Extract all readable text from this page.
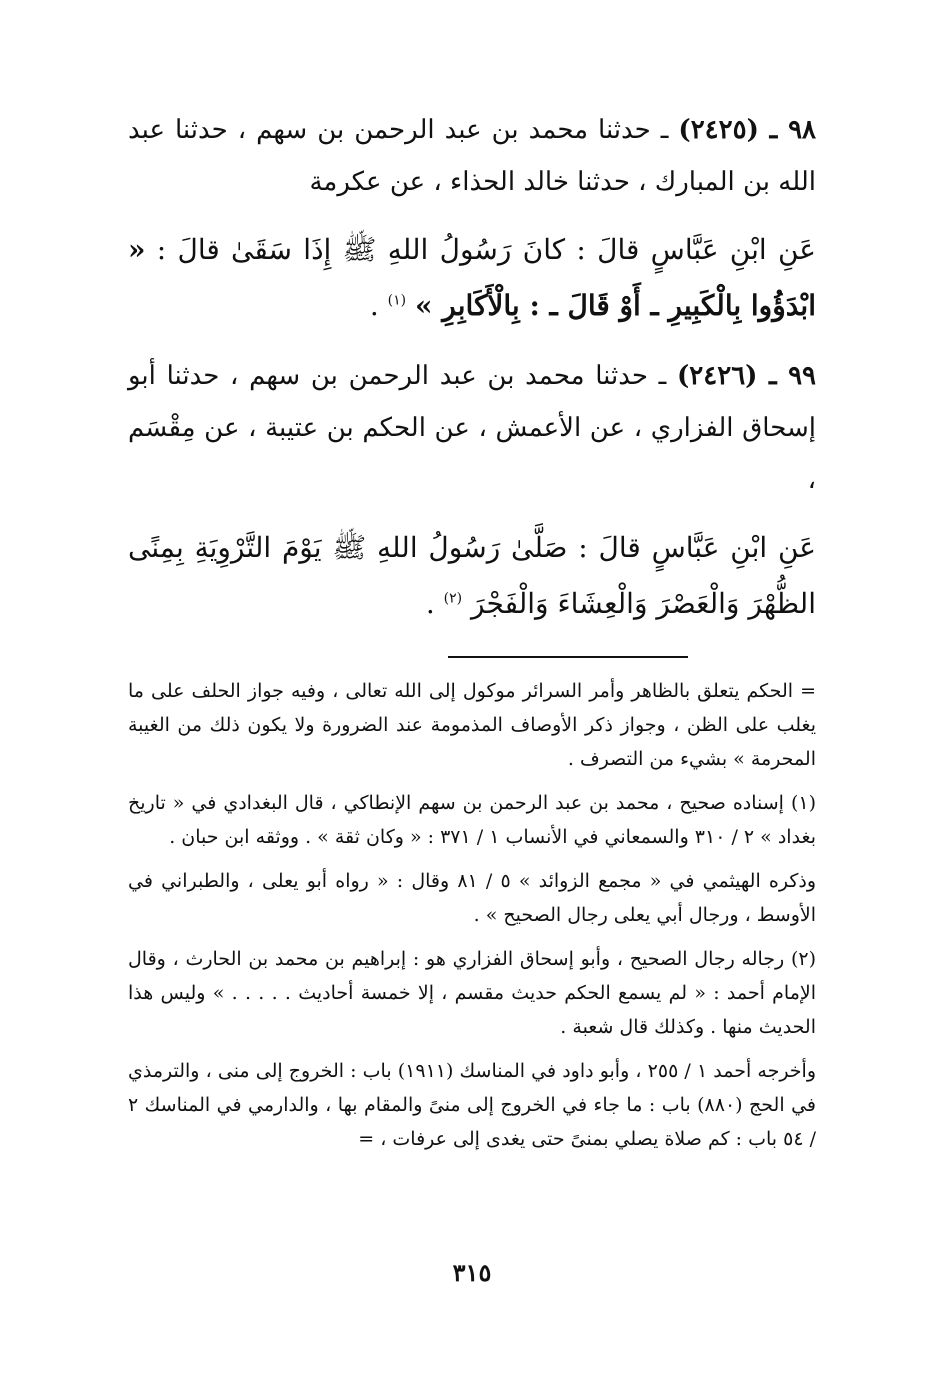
٩٨ ـ (٢٤٢٥) ـ حدثنا محمد بن عبد الرحمن بن سهم ، حدثنا عبد الله بن المبارك ، حدثنا خالد الحذاء ، عن عكرمة

عَنِ ابْنِ عَبَّاسٍ قالَ : كانَ رَسُولُ اللهِ ﷺ إِذَا سَقَىٰ قالَ : « ابْدَؤُوا بِالْكَبِيرِ ـ أَوْ قَالَ ـ : بِالْأَكَابِرِ » $^{(١)}$ .

٩٩ ـ (٢٤٢٦) ـ حدثنا محمد بن عبد الرحمن بن سهم ، حدثنا أبو إسحاق الفزاري ، عن الأعمش ، عن الحكم بن عتيبة ، عن مِقْسَم ،

عَنِ ابْنِ عَبَّاسٍ قالَ : صَلَّىٰ رَسُولُ اللهِ ﷺ يَوْمَ التَّرْوِيَةِ بِمِنًى الظُّهْرَ وَالْعَصْرَ وَالْعِشَاءَ وَالْفَجْرَ $^{(٢)}$ .

= الحكم يتعلق بالظاهر وأمر السرائر موكول إلى الله تعالى ، وفيه جواز الحلف على ما يغلب على الظن ، وجواز ذكر الأوصاف المذمومة عند الضرورة ولا يكون ذلك من الغيبة المحرمة » بشيء من التصرف .

(١) إسناده صحيح ، محمد بن عبد الرحمن بن سهم الإنطاكي ، قال البغدادي في « تاريخ بغداد » ٢ / ٣١٠ والسمعاني في الأنساب ١ / ٣٧١ : « وكان ثقة » . ووثقه ابن حبان .

وذكره الهيثمي في « مجمع الزوائد » ٥ / ٨١ وقال : « رواه أبو يعلى ، والطبراني في الأوسط ، ورجال أبي يعلى رجال الصحيح » .

(٢) رجاله رجال الصحيح ، وأبو إسحاق الفزاري هو : إبراهيم بن محمد بن الحارث ، وقال الإمام أحمد : « لم يسمع الحكم حديث مقسم ، إلا خمسة أحاديث . . . . . » وليس هذا الحديث منها . وكذلك قال شعبة .

وأخرجه أحمد ١ / ٢٥٥ ، وأبو داود في المناسك (١٩١١) باب : الخروج إلى منى ، والترمذي في الحج (٨٨٠) باب : ما جاء في الخروج إلى منىً والمقام بها ، والدارمي في المناسك ٢ / ٥٤ باب : كم صلاة يصلي بمنىً حتى يغدى إلى عرفات ، =

٣١٥
